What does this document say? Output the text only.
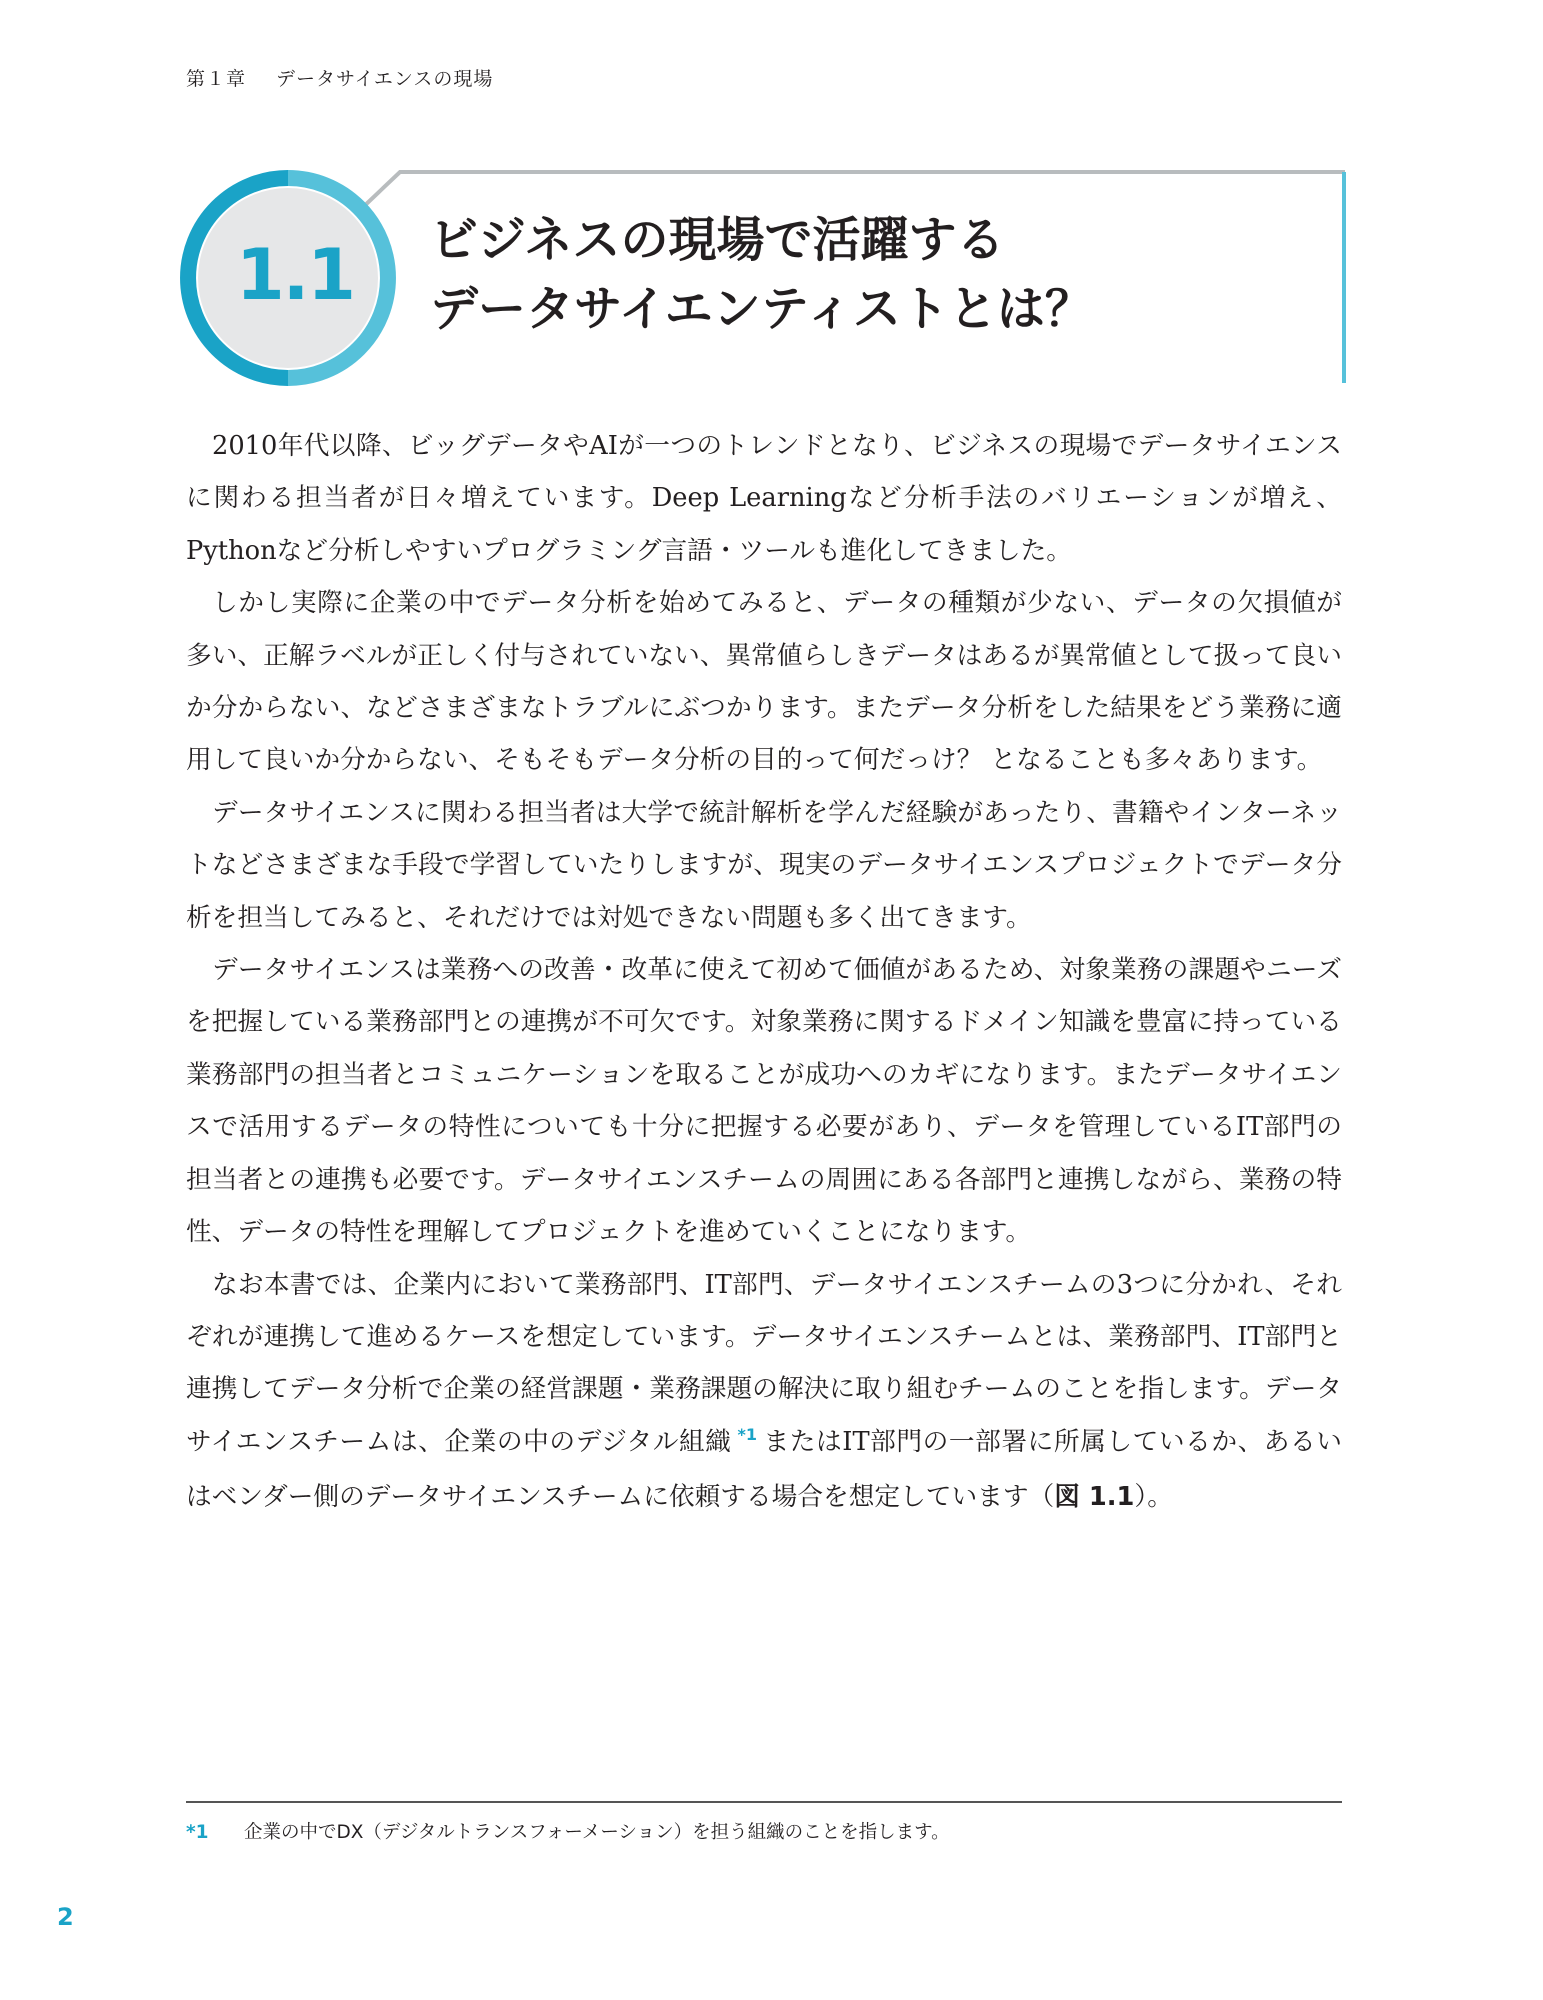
第１章 データサイエンスの現場
1.1 ビジネスの現場で活躍する
データサイエンティストとは？

2010年代以降、ビッグデータやAIが一つのトレンドとなり、ビジネスの現場でデータサイエンスに関わる担当者が日々増えています。Deep Learningなど分析手法のバリエーションが増え、Pythonなど分析しやすいプログラミング言語・ツールも進化してきました。

しかし実際に企業の中でデータ分析を始めてみると、データの種類が少ない、データの欠損値が多い、正解ラベルが正しく付与されていない、異常値らしきデータはあるが異常値として扱って良いか分からない、などさまざまなトラブルにぶつかります。またデータ分析をした結果をどう業務に適用して良いか分からない、そもそもデータ分析の目的って何だっけ？ となることも多々あります。

データサイエンスに関わる担当者は大学で統計解析を学んだ経験があったり、書籍やインターネットなどさまざまな手段で学習していたりしますが、現実のデータサイエンスプロジェクトでデータ分析を担当してみると、それだけでは対処できない問題も多く出てきます。

データサイエンスは業務への改善・改革に使えて初めて価値があるため、対象業務の課題やニーズを把握している業務部門との連携が不可欠です。対象業務に関するドメイン知識を豊富に持っている業務部門の担当者とコミュニケーションを取ることが成功へのカギになります。またデータサイエンスで活用するデータの特性についても十分に把握する必要があり、データを管理しているIT部門の担当者との連携も必要です。データサイエンスチームの周囲にある各部門と連携しながら、業務の特性、データの特性を理解してプロジェクトを進めていくことになります。

なお本書では、企業内において業務部門、IT部門、データサイエンスチームの3つに分かれ、それぞれが連携して進めるケースを想定しています。データサイエンスチームとは、業務部門、IT部門と連携してデータ分析で企業の経営課題・業務課題の解決に取り組むチームのことを指します。データサイエンスチームは、企業の中のデジタル組織 $^{*1}$ またはIT部門の一部署に所属しているか、あるいはベンダー側のデータサイエンスチームに依頼する場合を想定しています（図 1.1）。

*1 企業の中でDX（デジタルトランスフォーメーション）を担う組織のことを指します。
2
